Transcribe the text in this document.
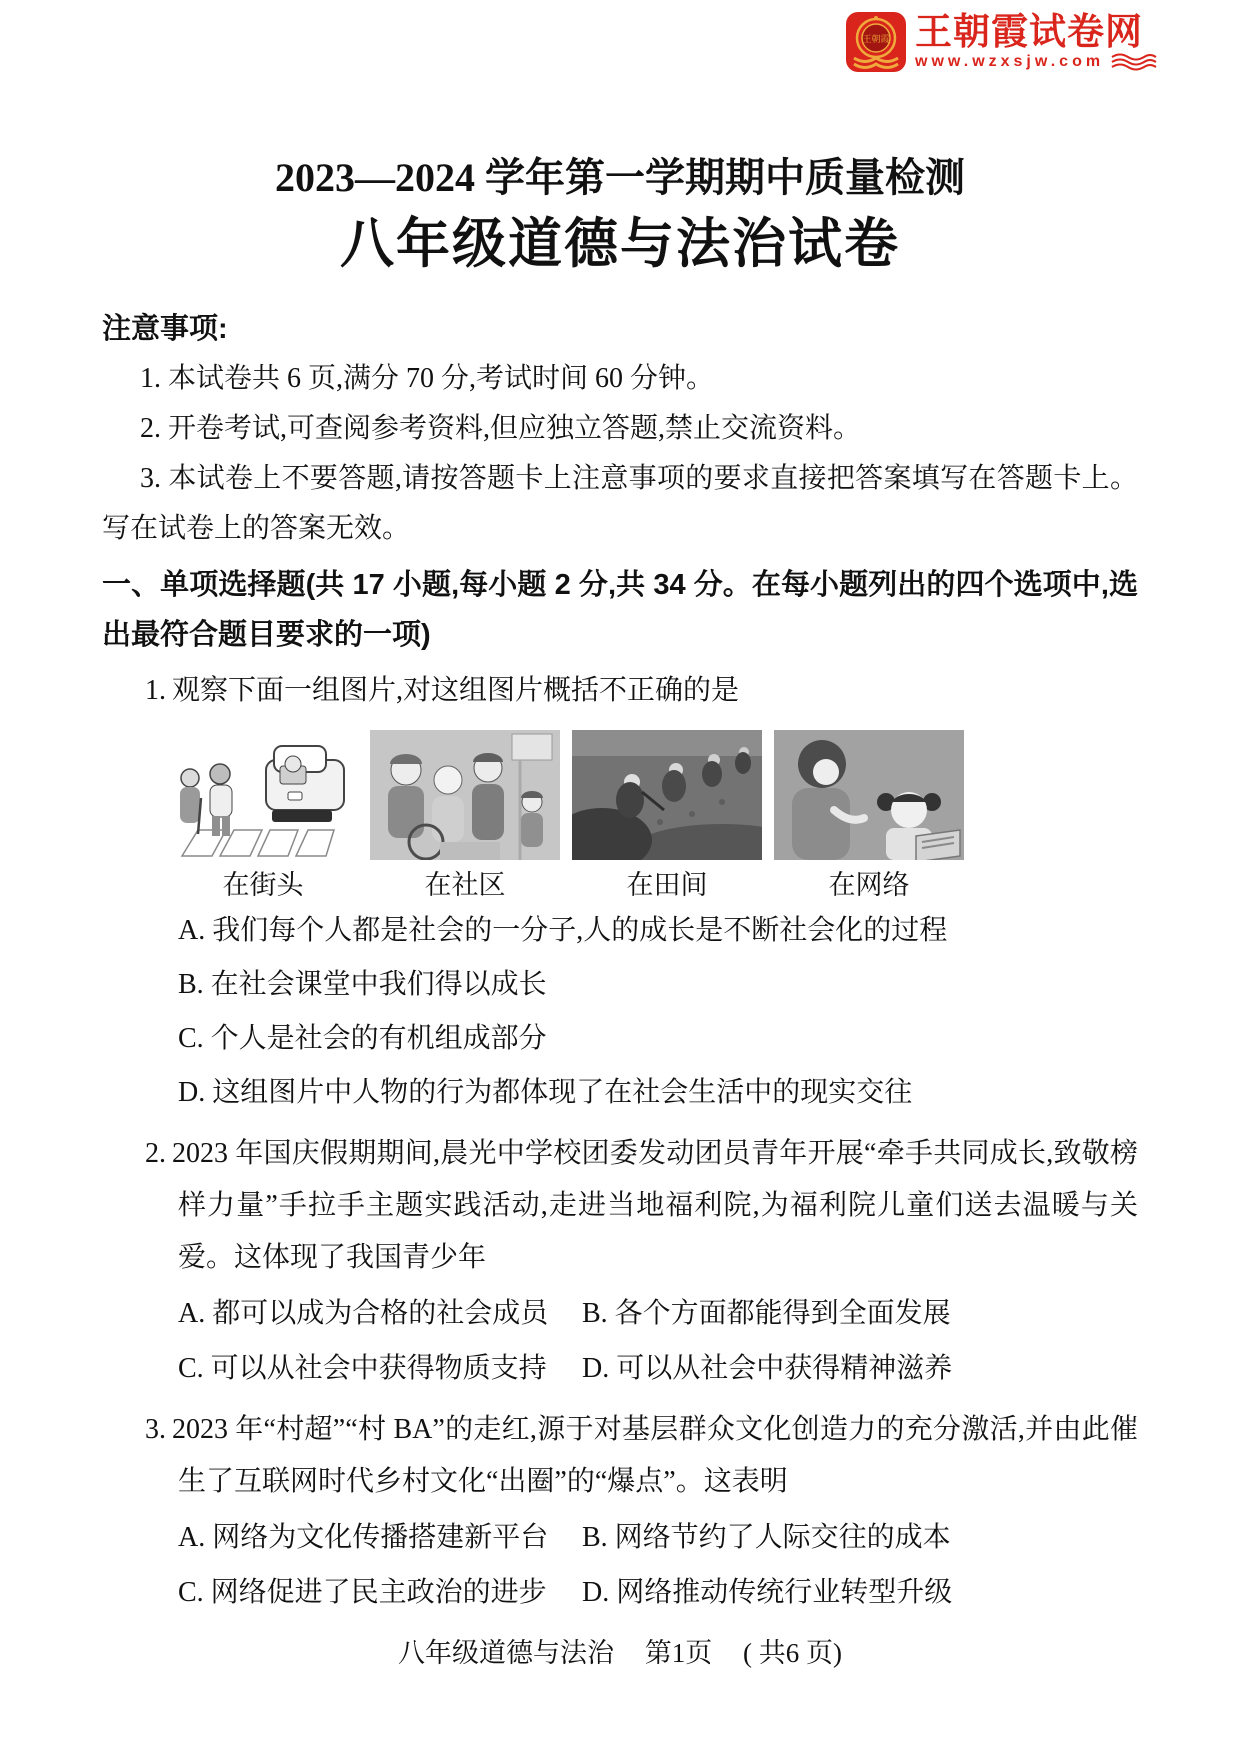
王朝霞 王朝霞试卷网
www.wzxsjw.com
2023—2024 学年第一学期期中质量检测
八年级道德与法治试卷
注意事项:

1. 本试卷共 6 页,满分 70 分,考试时间 60 分钟。

2. 开卷考试,可查阅参考资料,但应独立答题,禁止交流资料。

3. 本试卷上不要答题,请按答题卡上注意事项的要求直接把答案填写在答题卡上。写在试卷上的答案无效。

一、单项选择题(共 17 小题,每小题 2 分,共 34 分。在每小题列出的四个选项中,选出最符合题目要求的一项)

1. 观察下面一组图片,对这组图片概括不正确的是

在街头	在社区	在田间	在网络

A. 我们每个人都是社会的一分子,人的成长是不断社会化的过程

B. 在社会课堂中我们得以成长

C. 个人是社会的有机组成部分

D. 这组图片中人物的行为都体现了在社会生活中的现实交往

2. 2023 年国庆假期期间,晨光中学校团委发动团员青年开展“牵手共同成长,致敬榜样力量”手拉手主题实践活动,走进当地福利院,为福利院儿童们送去温暖与关爱。这体现了我国青少年

A. 都可以成为合格的社会成员	B. 各个方面都能得到全面发展

C. 可以从社会中获得物质支持	D. 可以从社会中获得精神滋养

3. 2023 年“村超”“村 BA”的走红,源于对基层群众文化创造力的充分激活,并由此催生了互联网时代乡村文化“出圈”的“爆点”。这表明

A. 网络为文化传播搭建新平台	B. 网络节约了人际交往的成本

C. 网络促进了民主政治的进步	D. 网络推动传统行业转型升级

八年级道德与法治 第1页 ( 共6 页)
